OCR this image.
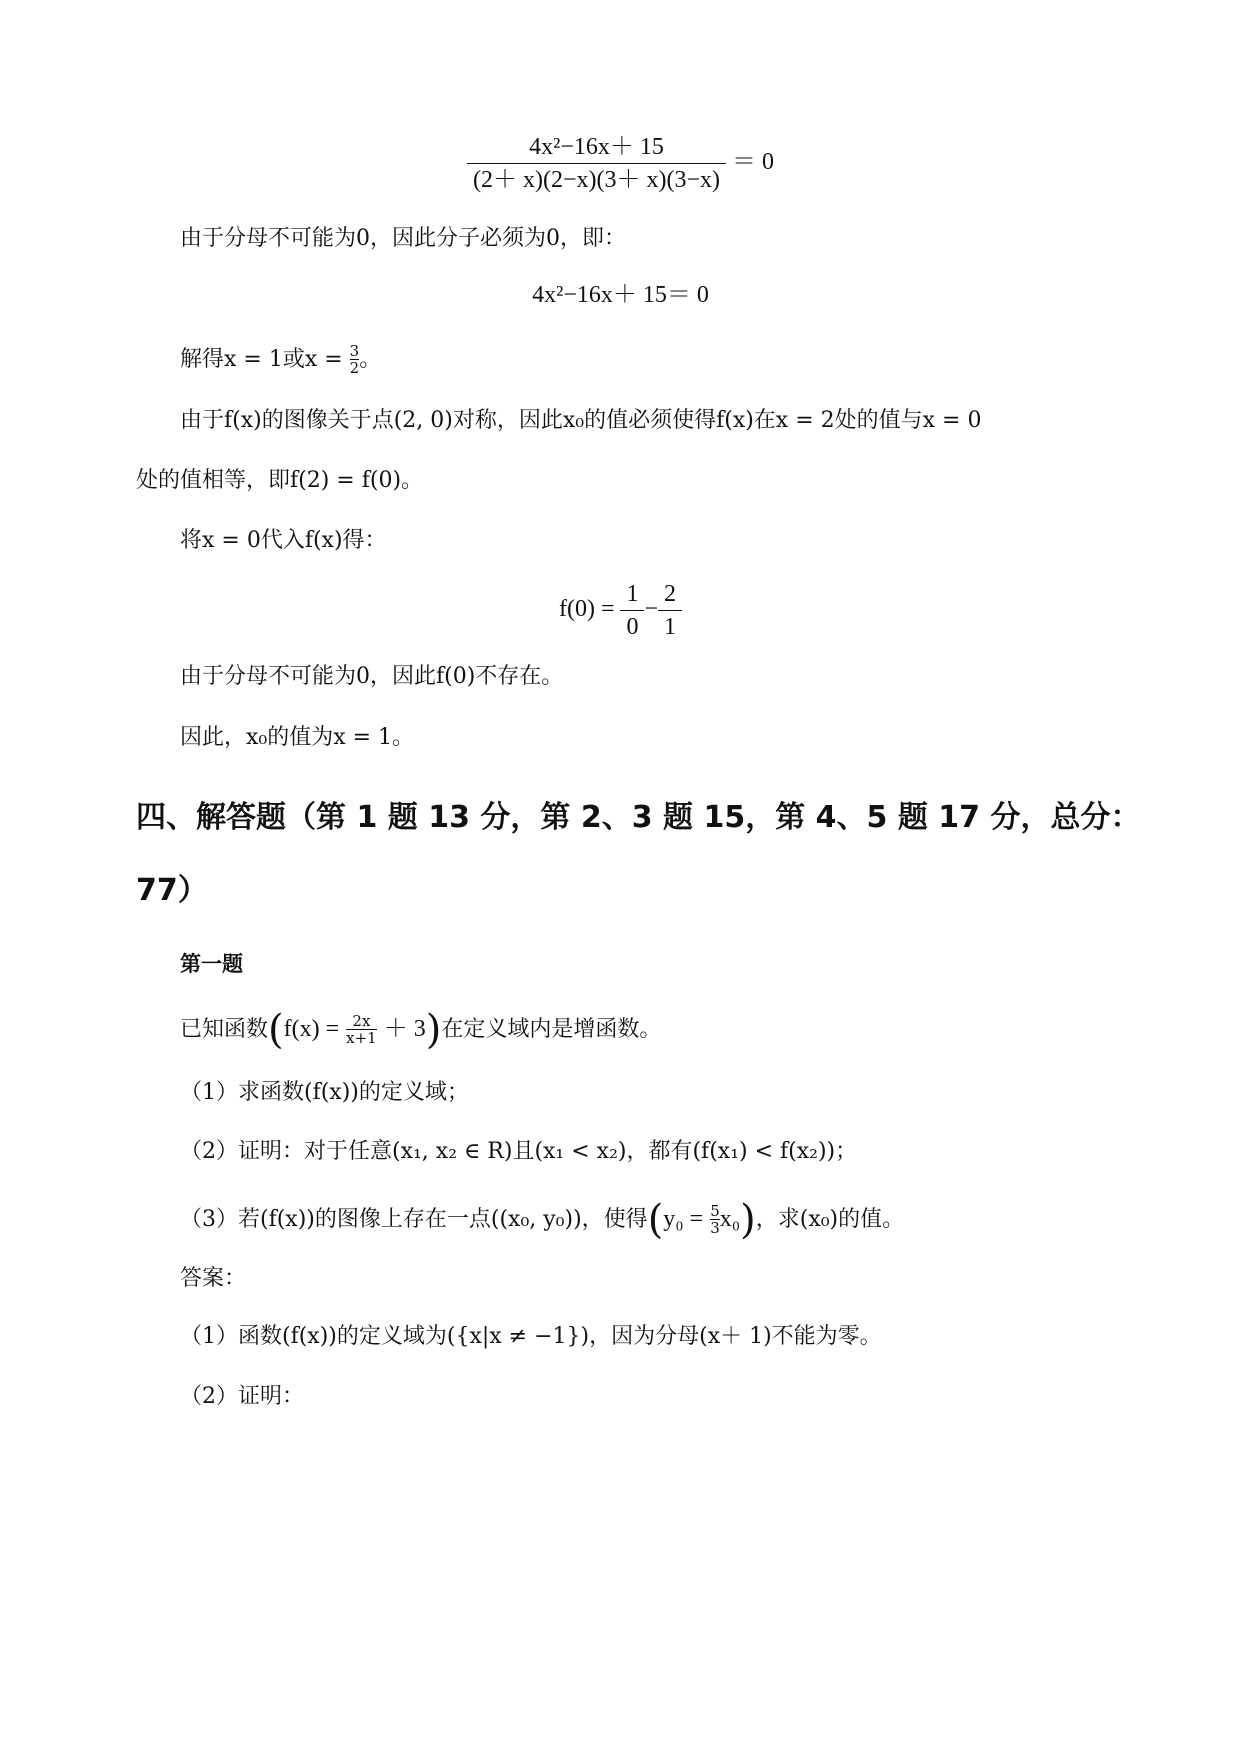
$\frac{\text{4x²−16x＋ 15}}{(2+ x)(2-x)(3+ x)(3-x)} = 0$
由于分母不可能为0，因此分子必须为0，即：
4x²−16x＋ 15＝ 0
解得x = 1或$x = \frac{3}{2}$ 。
由于f(x)的图像关于点(2, 0)对称，因此x₀的值必须使得f(x)在x = 2处的值与x = 0
处的值相等，即f(2) = f(0)。
将x = 0代入f(x)得：
$f(0) = \frac{1}{0} - \frac{2}{1}$
由于分母不可能为0，因此f(0)不存在。
因此，x₀的值为x = 1。
四、解答题（第 1 题 13 分，第 2、3 题 15，第 4、5 题 17 分，总分：
77）
第一题
已知函数$(f(x) = \frac{2x}{x+1} + 3)$在定义域内是增函数。
（1）求函数(f(x))的定义域；
（2）证明：对于任意(x₁, x₂ ∈ R)且(x₁ < x₂)，都有(f(x₁) < f(x₂))；
（3）若(f(x))的图像上存在一点((x₀, y₀))，使得$(y_0 = \frac{5}{3} x_0)$，求(x₀)的值。
答案：
（1）函数(f(x))的定义域为({x|x ≠ −1})，因为分母(x＋ 1)不能为零。
（2）证明：
